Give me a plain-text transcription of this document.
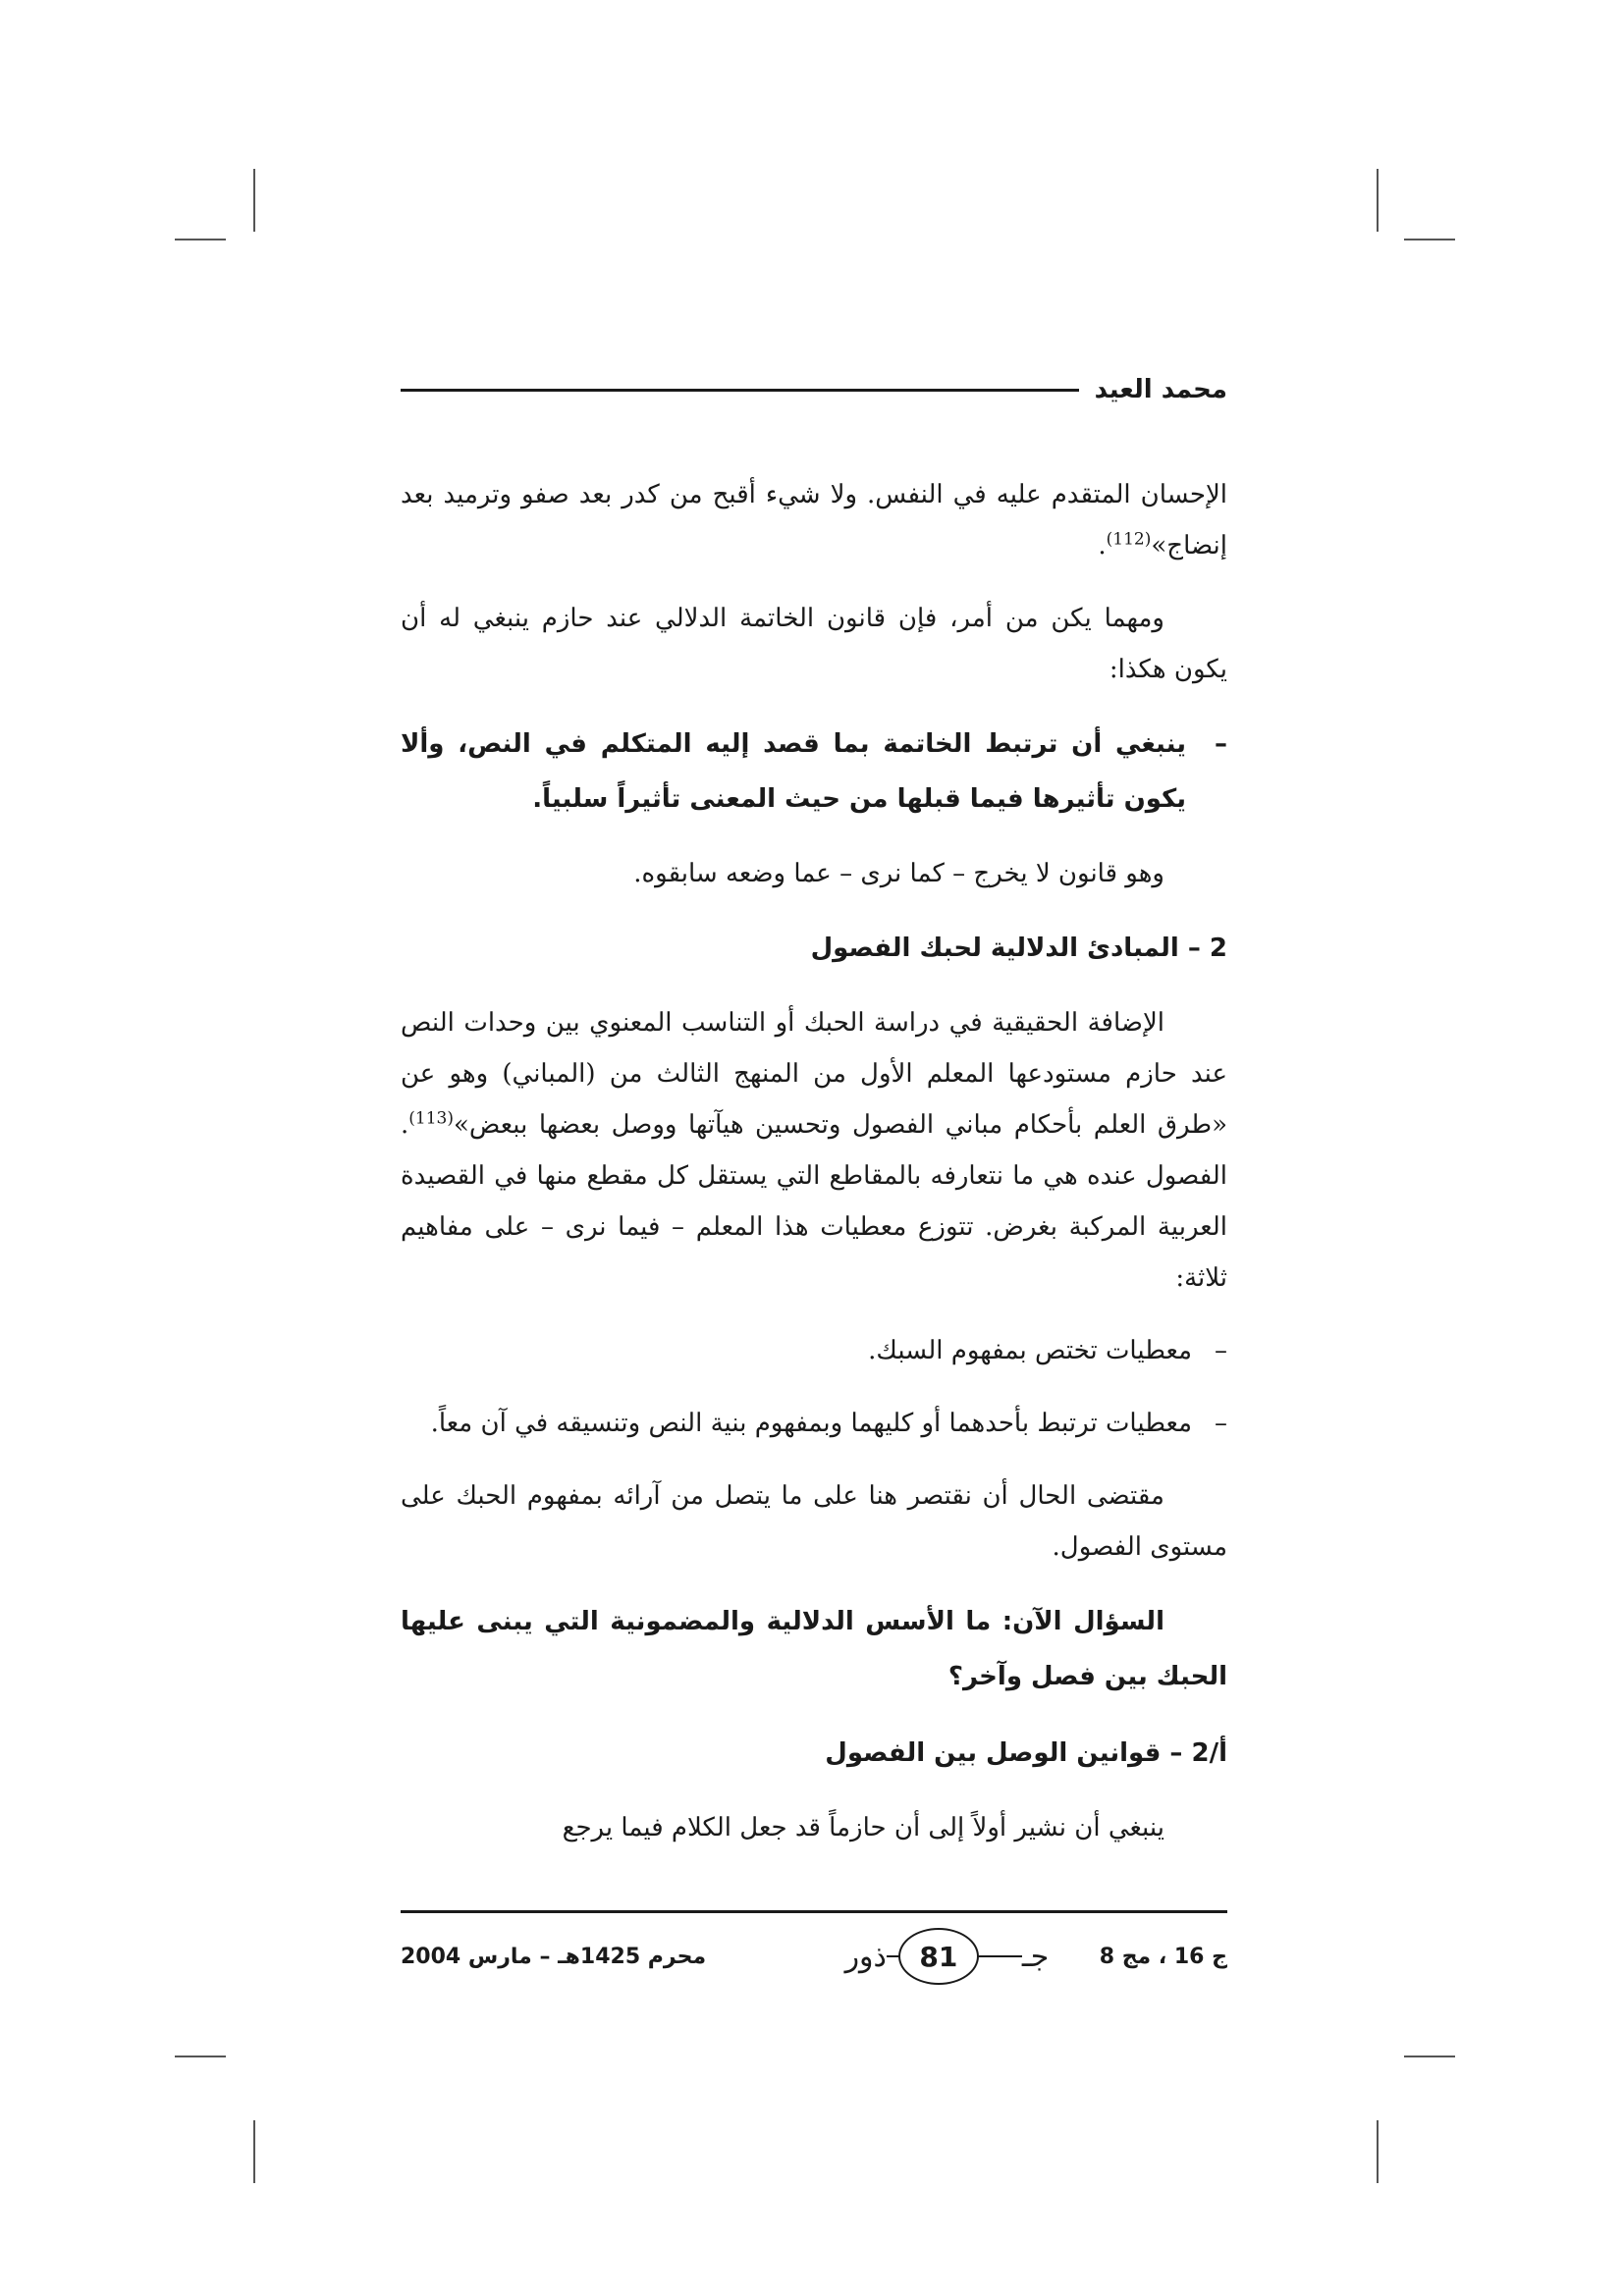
محمد العيد

الإحسان المتقدم عليه في النفس. ولا شيء أقبح من كدر بعد صفو وترميد بعد إنضاج»$^{(112)}$.

ومهما يكن من أمر، فإن قانون الخاتمة الدلالي عند حازم ينبغي له أن يكون هكذا:

–
ينبغي أن ترتبط الخاتمة بما قصد إليه المتكلم في النص، وألا يكون تأثيرها فيما قبلها من حيث المعنى تأثيراً سلبياً.

وهو قانون لا يخرج – كما نرى – عما وضعه سابقوه.

2 – المبادئ الدلالية لحبك الفصول

الإضافة الحقيقية في دراسة الحبك أو التناسب المعنوي بين وحدات النص عند حازم مستودعها المعلم الأول من المنهج الثالث من (المباني) وهو عن «طرق العلم بأحكام مباني الفصول وتحسين هيآتها ووصل بعضها ببعض»$^{(113)}$. الفصول عنده هي ما نتعارفه بالمقاطع التي يستقل كل مقطع منها في القصيدة العربية المركبة بغرض. تتوزع معطيات هذا المعلم – فيما نرى – على مفاهيم ثلاثة:

–
معطيات تختص بمفهوم السبك.
–
معطيات ترتبط بأحدهما أو كليهما وبمفهوم بنية النص وتنسيقه في آن معاً.

مقتضى الحال أن نقتصر هنا على ما يتصل من آرائه بمفهوم الحبك على مستوى الفصول.

السؤال الآن: ما الأسس الدلالية والمضمونية التي يبنى عليها الحبك بين فصل وآخر؟
أ/2 – قوانين الوصل بين الفصول

ينبغي أن نشير أولاً إلى أن حازماً قد جعل الكلام فيما يرجع

ج 16 ، مج 8
جـ
81
ذور
محرم 1425هـ – مارس 2004
